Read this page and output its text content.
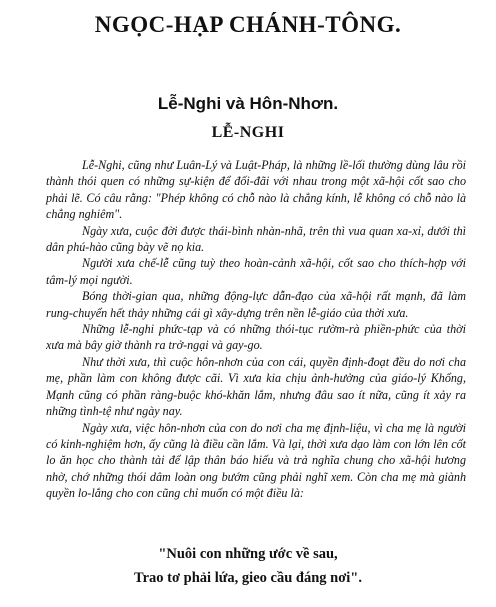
NGỌC-HẠP CHÁNH-TÔNG.
Lễ-Nghi và Hôn-Nhơn.
LỄ-NGHI

Lễ-Nghi, cũng như Luân-Lý và Luật-Pháp, là những lề-lối thường dùng lâu rồi thành thói quen có những sự-kiện để đối-đãi với nhau trong một xã-hội cốt sao cho phải lẽ. Có câu rằng: "Phép không có chỗ nào là chẳng kính, lễ không có chỗ nào là chẳng nghiêm".

Ngày xưa, cuộc đời được thái-bình nhàn-nhã, trên thì vua quan xa-xỉ, dưới thì dân phú-hào cũng bày vẽ nọ kia.

Người xưa chế-lễ cũng tuỳ theo hoàn-cảnh xã-hội, cốt sao cho thích-hợp với tâm-lý mọi người.

Bóng thời-gian qua, những động-lực dẫn-đạo của xã-hội rất mạnh, đã làm rung-chuyển hết thảy những cái gì xây-dựng trên nền lễ-giáo của thời xưa.

Những lễ-nghi phức-tạp và có những thói-tục rườm-rà phiền-phức của thời xưa mà bây giờ thành ra trở-ngại và gay-go.

Như thời xưa, thì cuộc hôn-nhơn của con cái, quyền định-đoạt đều do nơi cha mẹ, phần làm con không được cãi. Vì xưa kia chịu ảnh-hưởng của giáo-lý Khổng, Mạnh cũng có phần ràng-buộc khó-khăn lắm, nhưng đâu sao ít nữa, cũng ít xảy ra những tình-tệ như ngày nay.

Ngày xưa, việc hôn-nhơn của con do nơi cha mẹ định-liệu, vì cha mẹ là người có kinh-nghiệm hơn, ấy cũng là điều cần lắm. Và lại, thời xưa dạo làm con lớn lên cốt lo ăn học cho thành tài để lập thân báo hiếu và trả nghĩa chung cho xã-hội hương nhờ, chớ những thói dâm loàn ong bướm cũng phải nghĩ xem. Còn cha mẹ mà giành quyền lo-lắng cho con cũng chỉ muốn có một điều là:

"Nuôi con những ước về sau,
Trao tơ phải lứa, gieo cầu đáng nơi".
